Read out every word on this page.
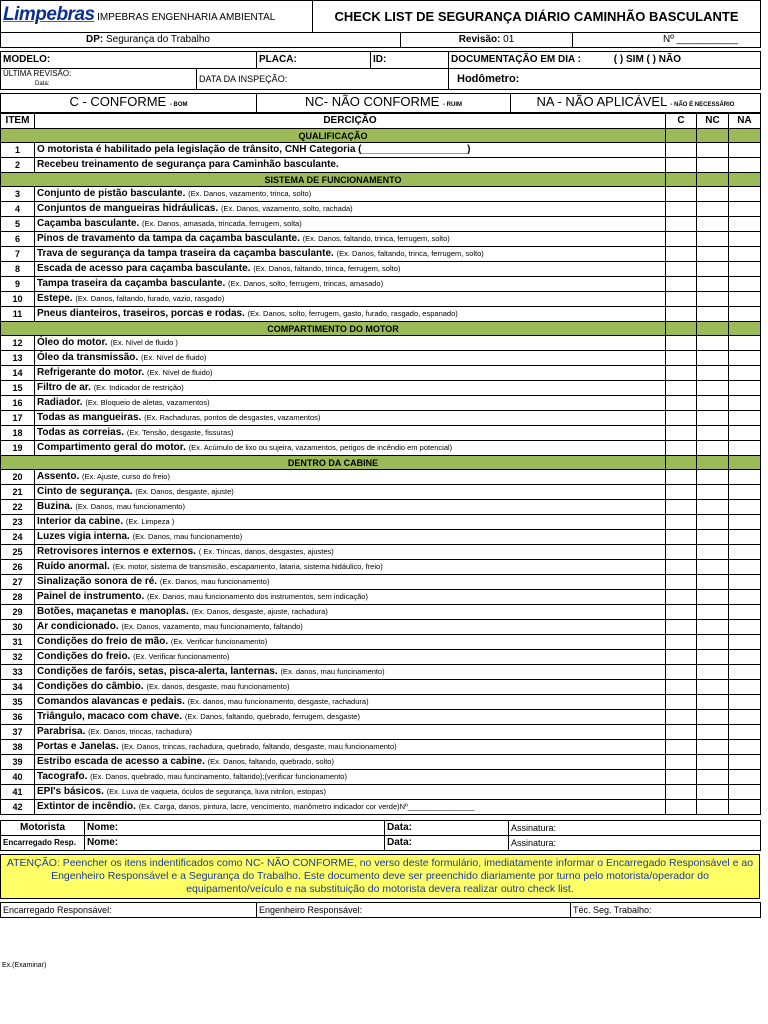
Limpebras IMPEBRAS ENGENHARIA AMBIENTAL	CHECK LIST DE SEGURANÇA DIÁRIO CAMINHÃO BASCULANTE		
DP: Segurança do Trabalho		Revisão: 01	Nº ___________
MODELO:		PLACA:	ID:	DOCUMENTAÇÃO EM DIA : ( ) SIM ( ) NÃO
ÚLTIMA REVISÃO:
Data:	DATA DA INSPEÇÃO:			Hodômetro:
C - CONFORME - BOM	NC- NÃO CONFORME - RUIM	NA - NÃO APLICÁVEL - NÃO É NECESSÁRIO
ITEM	DERCIÇÃO	C	NC	NA
QUALIFICAÇÃO				
1	O motorista é habilitado pela legislação de trânsito, CNH Categoria (___________________)			
2	Recebeu treinamento de segurança para Caminhão basculante.			
SISTEMA DE FUNCIONAMENTO				
3	Conjunto de pistão basculante. (Ex. Danos, vazamento, trinca, solto)			
4	Conjuntos de mangueiras hidráulicas. (Ex. Danos, vazamento, solto, rachada)			
5	Caçamba basculante. (Ex. Danos, amasada, trincada, ferrugem, solta)			
6	Pinos de travamento da tampa da caçamba basculante. (Ex. Danos, faltando, trinca, ferrugem, solto)			
7	Trava de segurança da tampa traseira da caçamba basculante. (Ex. Danos, faltando, trinca, ferrugem, solto)			
8	Escada de acesso para caçamba basculante. (Ex. Danos, faltando, trinca, ferrugem, solto)			
9	Tampa traseira da caçamba basculante. (Ex. Danos, solto, ferrugem, trincas, amasado)			
10	Estepe. (Ex. Danos, faltando, furado, vazio, rasgado)			
11	Pneus dianteiros, traseiros, porcas e rodas. (Ex. Danos, solto, ferrugem, gasto, furado, rasgado, espanado)			
COMPARTIMENTO DO MOTOR				
12	Óleo do motor. (Ex. Nível de fluido )			
13	Óleo da transmissão. (Ex. Nível de fluido)			
14	Refrigerante do motor. (Ex. Nível de fluido)			
15	Filtro de ar. (Ex. Indicador de restrição)			
16	Radiador. (Ex. Bloqueio de aletas, vazamentos)			
17	Todas as mangueiras. (Ex. Rachaduras, pontos de desgastes, vazamentos)			
18	Todas as correias. (Ex. Tensão, desgaste, fissuras)			
19	Compartimento geral do motor. (Ex. Acúmulo de lixo ou sujeira, vazamentos, perigos de incêndio em potencial)			
DENTRO DA CABINE				
20	Assento. (Ex. Ajuste, curso do freio)			
21	Cinto de segurança. (Ex. Danos, desgaste, ajuste)			
22	Buzina. (Ex. Danos, mau funcionamento)			
23	Interior da cabine. (Ex. Limpeza )			
24	Luzes vigia interna. (Ex. Danos, mau funcionamento)			
25	Retrovisores internos e externos. ( Ex. Trincas, danos, desgastes, ajustes)			
26	Ruído anormal. (Ex. motor, sistema de transmisão, escapamento, lataria, sistema hidáulico, freio)			
27	Sinalização sonora de ré. (Ex. Danos, mau funcionamento)			
28	Painel de instrumento. (Ex. Danos, mau funcionamento dos instrumentos, sem indicação)			
29	Botões, maçanetas e manoplas. (Ex. Danos, desgaste, ajuste, rachadura)			
30	Ar condicionado. (Ex. Danos, vazamento, mau funcionamento, faltando)			
31	Condições do freio de mão. (Ex. Verificar funcionamento)			
32	Condições do freio. (Ex. Verificar funcionamento)			
33	Condições de faróis, setas, pisca-alerta, lanternas. (Ex. danos, mau funcinamento)			
34	Condições do câmbio. (Ex. danos, desgaste, mau funcionamento)			
35	Comandos alavancas e pedais. (Ex. danos, mau funcionamento, desgaste, rachadura)			
36	Triângulo, macaco com chave. (Ex. Danos, faltando, quebrado, ferrugem, desgaste)			
37	Parabrisa. (Ex. Danos, trincas, rachadura)			
38	Portas e Janelas. (Ex. Danos, trincas, rachadura, quebrado, faltando, desgaste, mau funcionamento)			
39	Estribo escada de acesso a cabine. (Ex. Danos, faltando, quebrado, solto)			
40	Tacografo. (Ex. Danos, quebrado, mau funcinamento, faltando);(verificar funcionamento)			
41	EPI's básicos. (Ex. Luva de vaqueta, óculos de segurança, luva nitrilon, estopas)			
42	Extintor de incêndio. (Ex. Carga, danos, pintura, lacre, vencimento, manômetro indicador cor verde)Nº________________			
Motorista	Nome:	Data:	Assinatura:
Encarregado Resp.	Nome:	Data:	Assinatura:
ATENÇÃO: Peencher os itens indentificados como NC- NÃO CONFORME, no verso deste formulário, imediatamente informar o Encarregado Responsável e ao Engenheiro Responsável e a Segurança do Trabalho. Este documento deve ser preenchido diariamente por turno pelo motorista/operador do equipamento/veículo e na substituição do motorista devera realizar outro check list.
Encarregado Responsável:	Engenheiro Responsável:	Téc. Seg. Trabalho:
Ex.(Examinar)
